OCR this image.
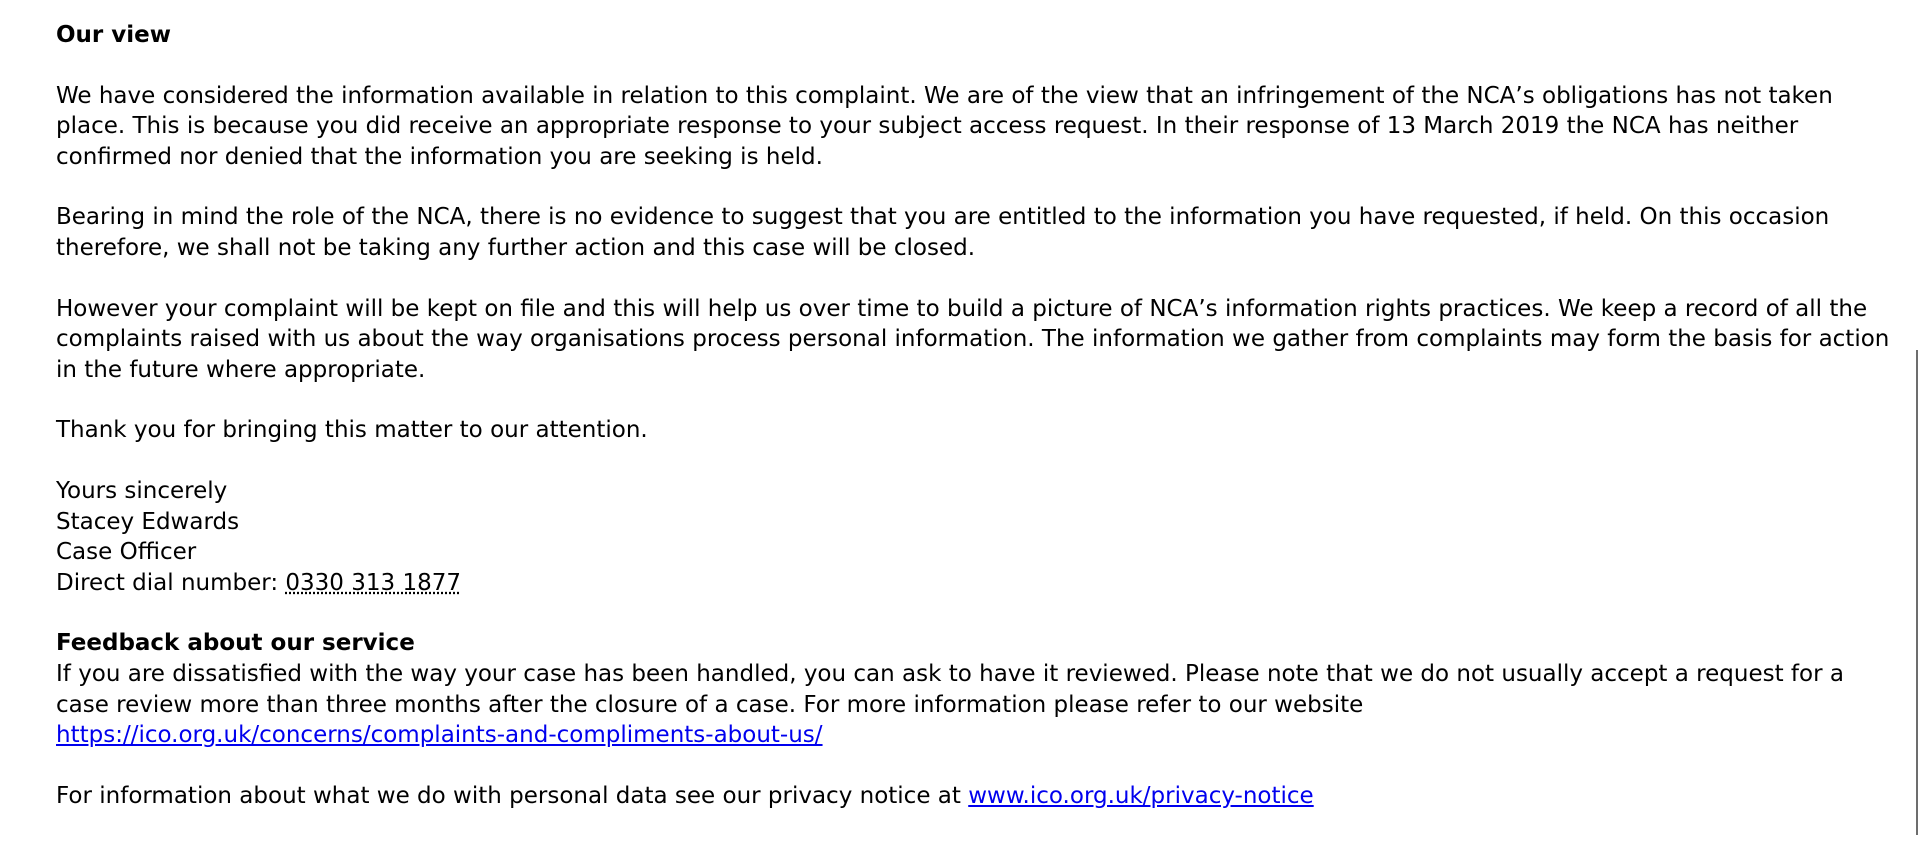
Our view

We have considered the information available in relation to this complaint. We are of the view that an infringement of the NCA’s obligations has not taken place. This is because you did receive an appropriate response to your subject access request. In their response of 13 March 2019 the NCA has neither confirmed nor denied that the information you are seeking is held.

Bearing in mind the role of the NCA, there is no evidence to suggest that you are entitled to the information you have requested, if held. On this occasion therefore, we shall not be taking any further action and this case will be closed.

However your complaint will be kept on file and this will help us over time to build a picture of NCA’s information rights practices. We keep a record of all the complaints raised with us about the way organisations process personal information. The information we gather from complaints may form the basis for action in the future where appropriate.

Thank you for bringing this matter to our attention.

Yours sincerely
Stacey Edwards
Case Officer
Direct dial number: 0330 313 1877

Feedback about our service
If you are dissatisfied with the way your case has been handled, you can ask to have it reviewed. Please note that we do not usually accept a request for a case review more than three months after the closure of a case. For more information please refer to our website
https://ico.org.uk/concerns/complaints-and-compliments-about-us/

For information about what we do with personal data see our privacy notice at www.ico.org.uk/privacy-notice
